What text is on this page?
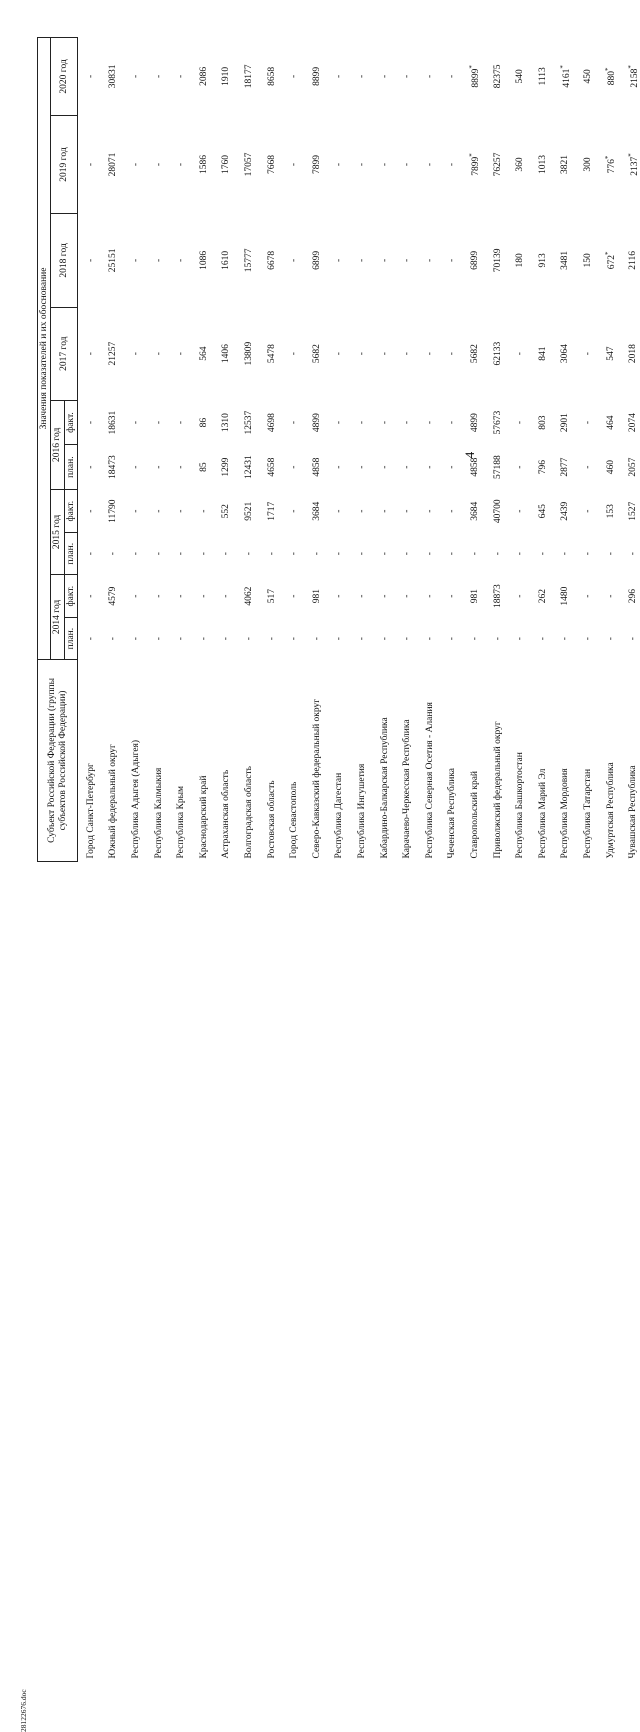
4
28122676.doc
Субъект Российской Федерации (группы субъектов Российской Федерации)	Значения показателей и их обоснование									
	2014 год		2015 год		2016 год		2017 год	2018 год	2019 год	2020 год
	план.	факт.	план.	факт.	план.	факт.				
Город Санкт-Петербург	-	-	-	-	-	-	-	-	-	-
Южный федеральный округ	-	4579	-	11790	18473	18631	21257	25151	28071	30831
Республика Адыгея (Адыгея)	-	-	-	-	-	-	-	-	-	-
Республика Калмыкия	-	-	-	-	-	-	-	-	-	-
Республика Крым	-	-	-	-	-	-	-	-	-	-
Краснодарский край	-	-	-	-	85	86	564	1086	1586	2086
Астраханская область	-	-	-	552	1299	1310	1406	1610	1760	1910
Волгоградская область	-	4062	-	9521	12431	12537	13809	15777	17057	18177
Ростовская область	-	517	-	1717	4658	4698	5478	6678	7668	8658
Город Севастополь	-	-	-	-	-	-	-	-	-	-
Северо-Кавказский федеральный округ	-	981	-	3684	4858	4899	5682	6899	7899	8899
Республика Дагестан	-	-	-	-	-	-	-	-	-	-
Республика Ингушетия	-	-	-	-	-	-	-	-	-	-
Кабардино-Балкарская Республика	-	-	-	-	-	-	-	-	-	-
Карачаево-Черкесская Республика	-	-	-	-	-	-	-	-	-	-
Республика Северная Осетия - Алания	-	-	-	-	-	-	-	-	-	-
Чеченская Республика	-	-	-	-	-	-	-	-	-	-
Ставропольский край	-	981	-	3684	4858	4899	5682	6899	7899*	8899*
Приволжский федеральный округ	-	18873	-	40700	57188	57673	62133	70139	76257	82375
Республика Башкортостан	-	-	-	-	-	-	-	180	360	540
Республика Марий Эл	-	262	-	645	796	803	841	913	1013	1113
Республика Мордовия	-	1480	-	2439	2877	2901	3064	3481	3821	4161*
Республика Татарстан	-	-	-	-	-	-	-	150	300	450
Удмуртская Республика	-	-	-	153	460	464	547	672*	776*	880*
Чувашская Республика	-	296	-	1527	2057	2074	2018	2116	2137*	2158*
